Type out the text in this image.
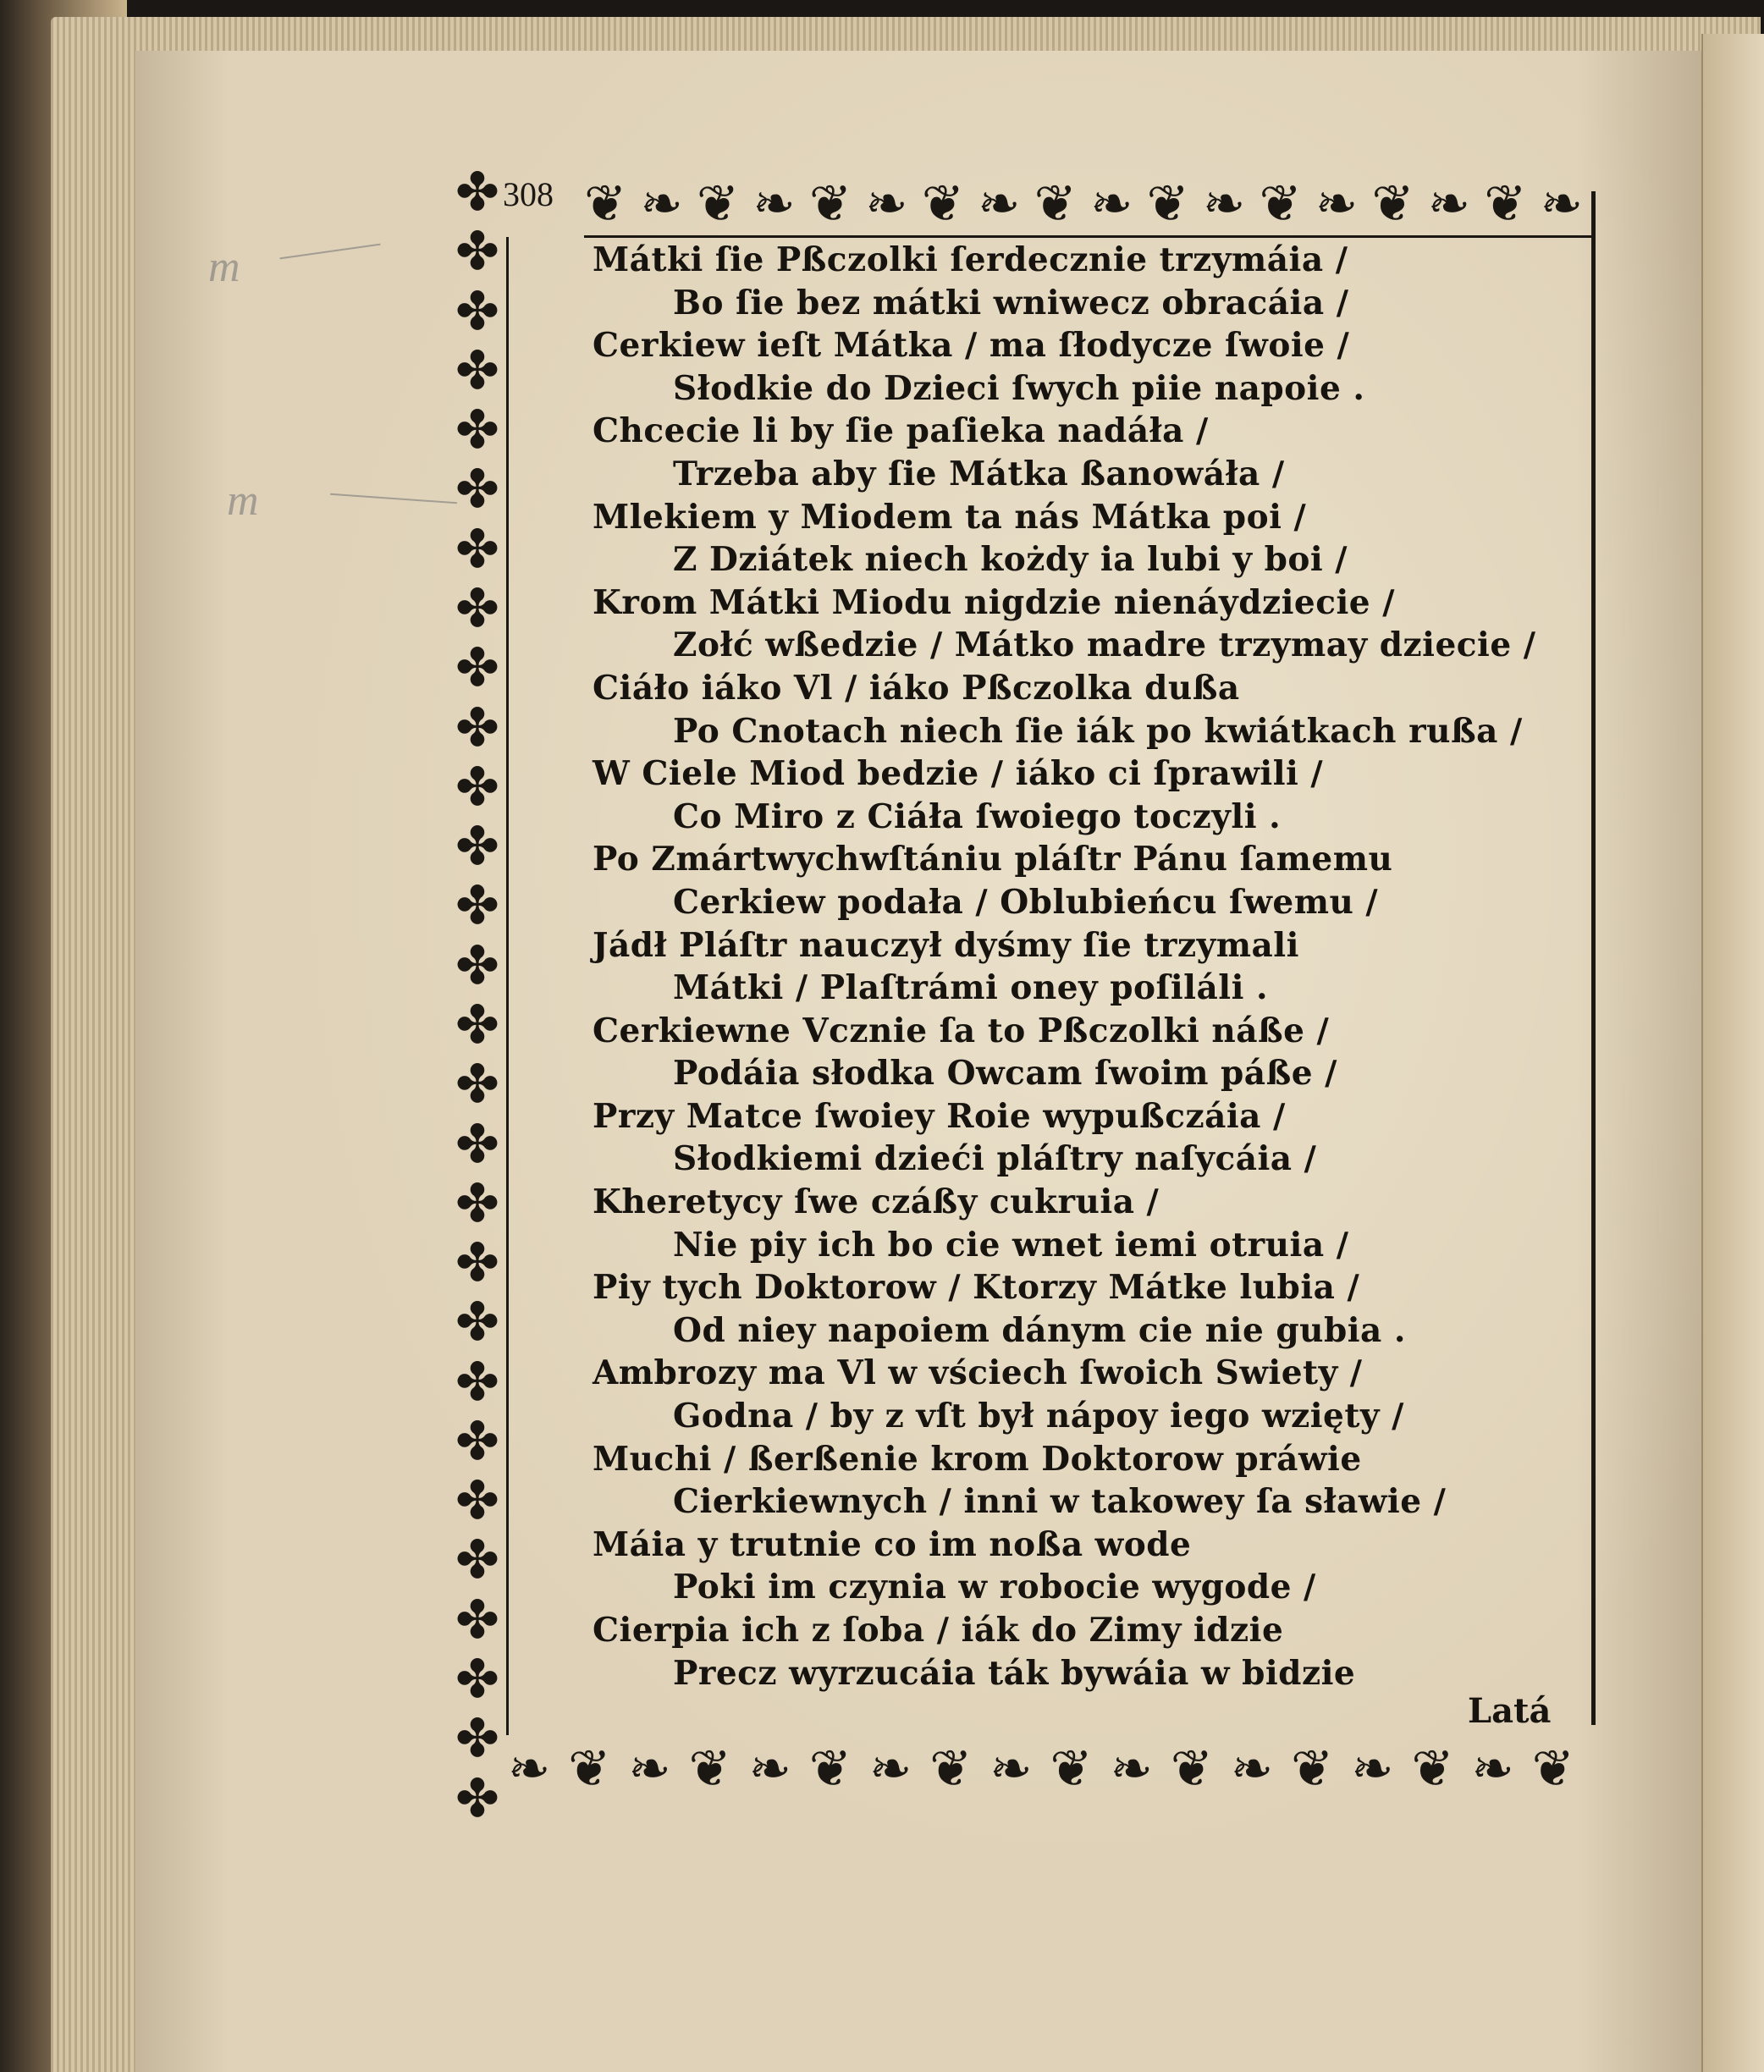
m
m
308 ❦ ❧ ❦ ❧ ❦ ❧ ❦ ❧ ❦ ❧ ❦ ❧ ❦ ❧ ❦ ❧ ❦ ❧
✤
✤
✤
✤
✤
✤
✤
✤
✤
✤
✤
✤
✤
✤
✤
✤
✤
✤
✤
✤
✤
✤
✤
✤
✤
✤
✤
✤ ❧ ❦ ❧ ❦ ❧ ❦ ❧ ❦ ❧ ❦ ❧ ❦ ❧ ❦ ❧ ❦ ❧ ❦
Mátki ſie Pßczolki ſerdecznie trzymáia /
Bo ſie bez mátki wniwecz obracáia /
Cerkiew ieſt Mátka / ma ſłodycze ſwoie /
Słodkie do Dzieci ſwych piie napoie .
Chcecie li by ſie paſieka nadáła /
Trzeba aby ſie Mátka ßanowáła /
Mlekiem y Miodem ta nás Mátka poi /
Z Dziátek niech kożdy ia lubi y boi /
Krom Mátki Miodu nigdzie nienáydziecie /
Zołć wßedzie / Mátko madre trzymay dziecie /
Ciáło iáko Vl / iáko Pßczolka dußa
Po Cnotach niech ſie iák po kwiátkach rußa /
W Ciele Miod bedzie / iáko ci ſprawili /
Co Miro z Ciáła ſwoiego toczyli .
Po Zmártwychwſtániu pláſtr Pánu ſamemu
Cerkiew podała / Oblubieńcu ſwemu /
Jádł Pláſtr nauczył dyśmy ſie trzymali
Mátki / Plaſtrámi oney poſiláli .
Cerkiewne Vcznie ſa to Pßczolki náße /
Podáia słodka Owcam ſwoim páße /
Przy Matce ſwoiey Roie wypußczáia /
Słodkiemi dzieći pláſtry naſycáia /
Kheretycy ſwe czáßy cukruia /
Nie piy ich bo cie wnet iemi otruia /
Piy tych Doktorow / Ktorzy Mátke lubia /
Od niey napoiem dánym cie nie gubia .
Ambrozy ma Vl w vściech ſwoich Swiety /
Godna / by z vſt był nápoy iego wzięty /
Muchi / ßerßenie krom Doktorow práwie
Cierkiewnych / inni w takowey ſa sławie /
Máia y trutnie co im noßa wode
Poki im czynia w robocie wygode /
Cierpia ich z ſoba / iák do Zimy idzie
Precz wyrzucáia ták bywáia w bidzie
Latá
